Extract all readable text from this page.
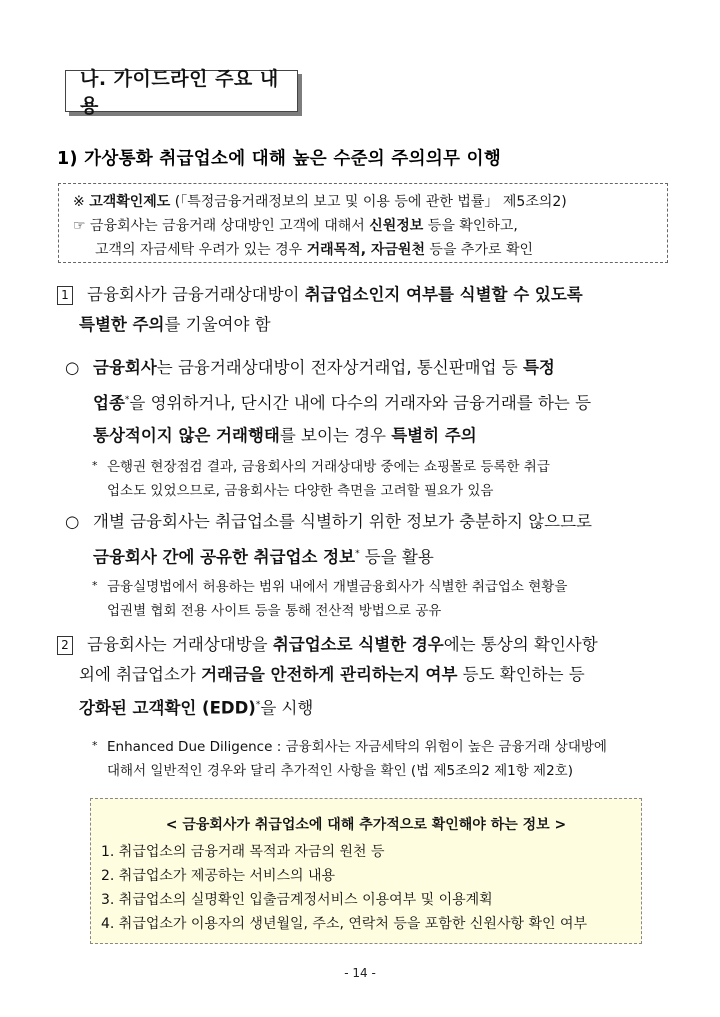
나. 가이드라인 주요 내용
1) 가상통화 취급업소에 대해 높은 수준의 주의의무 이행
※ 고객확인제도 (「특정금융거래정보의 보고 및 이용 등에 관한 법률」 제5조의2)
☞ 금융회사는 금융거래 상대방인 고객에 대해서 신원정보 등을 확인하고,
고객의 자금세탁 우려가 있는 경우 거래목적, 자금원천 등을 추가로 확인
1 금융회사가 금융거래상대방이 취급업소인지 여부를 식별할 수 있도록
특별한 주의를 기울여야 함
○ 금융회사는 금융거래상대방이 전자상거래업, 통신판매업 등 특정
업종*을 영위하거나, 단시간 내에 다수의 거래자와 금융거래를 하는 등
통상적이지 않은 거래행태를 보이는 경우 특별히 주의
* 은행권 현장점검 결과, 금융회사의 거래상대방 중에는 쇼핑몰로 등록한 취급
업소도 있었으므로, 금융회사는 다양한 측면을 고려할 필요가 있음
○ 개별 금융회사는 취급업소를 식별하기 위한 정보가 충분하지 않으므로
금융회사 간에 공유한 취급업소 정보* 등을 활용
* 금융실명법에서 허용하는 범위 내에서 개별금융회사가 식별한 취급업소 현황을
업권별 협회 전용 사이트 등을 통해 전산적 방법으로 공유
2 금융회사는 거래상대방을 취급업소로 식별한 경우에는 통상의 확인사항
외에 취급업소가 거래금을 안전하게 관리하는지 여부 등도 확인하는 등
강화된 고객확인 (EDD)*을 시행
* Enhanced Due Diligence : 금융회사는 자금세탁의 위험이 높은 금융거래 상대방에
대해서 일반적인 경우와 달리 추가적인 사항을 확인 (법 제5조의2 제1항 제2호)
< 금융회사가 취급업소에 대해 추가적으로 확인해야 하는 정보 >
1. 취급업소의 금융거래 목적과 자금의 원천 등
2. 취급업소가 제공하는 서비스의 내용
3. 취급업소의 실명확인 입출금계정서비스 이용여부 및 이용계획
4. 취급업소가 이용자의 생년월일, 주소, 연락처 등을 포함한 신원사항 확인 여부
- 14 -
